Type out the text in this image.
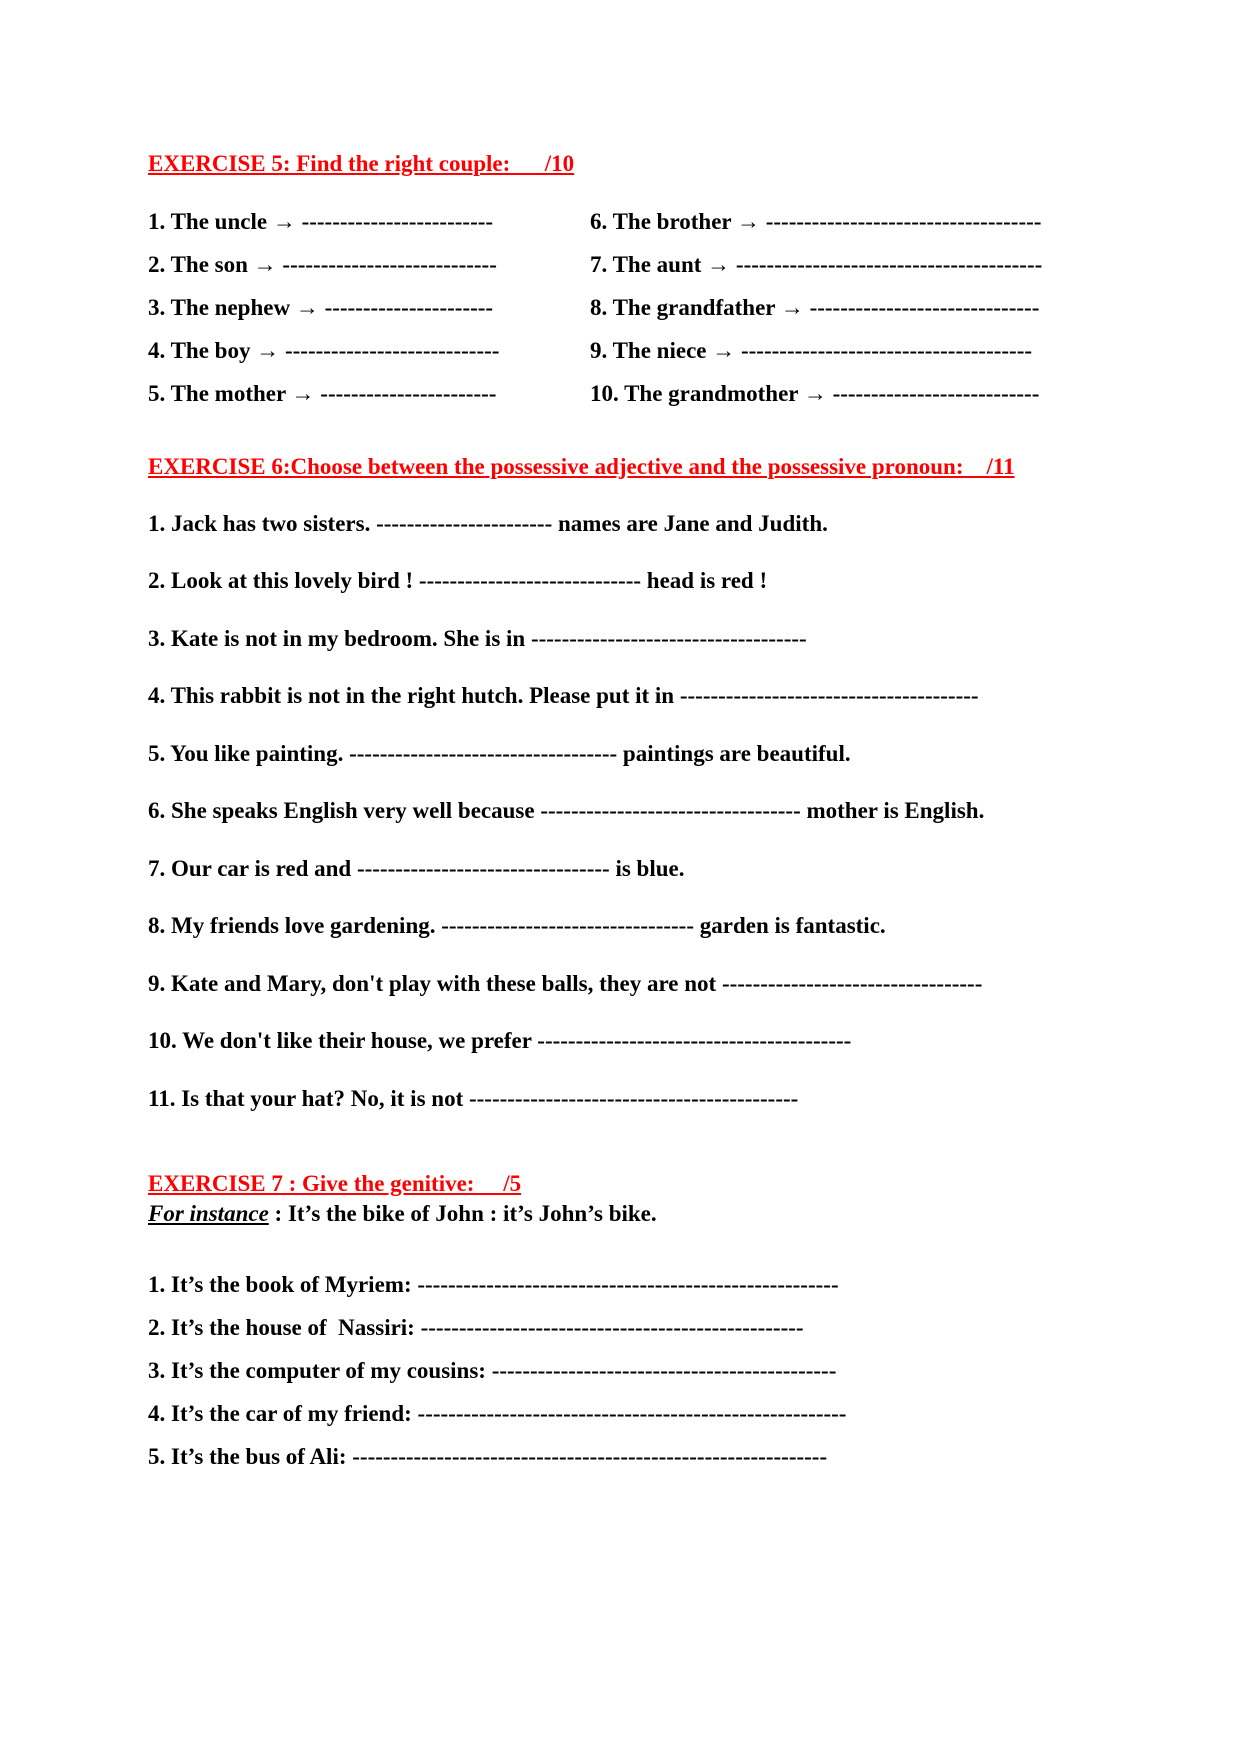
EXERCISE 5: Find the right couple:      /10
1. The uncle → -------------------------
2. The son → ----------------------------
3. The nephew → ----------------------
4. The boy → ----------------------------
5. The mother → -----------------------
6. The brother → ------------------------------------
7. The aunt → ----------------------------------------
8. The grandfather → ------------------------------
9. The niece → --------------------------------------
10. The grandmother → ---------------------------
EXERCISE 6:Choose between the possessive adjective and the possessive pronoun:    /11
1. Jack has two sisters. ----------------------- names are Jane and Judith.
2. Look at this lovely bird ! ----------------------------- head is red !
3. Kate is not in my bedroom. She is in ------------------------------------
4. This rabbit is not in the right hutch. Please put it in ---------------------------------------
5. You like painting. ----------------------------------- paintings are beautiful.
6. She speaks English very well because ---------------------------------- mother is English.
7. Our car is red and --------------------------------- is blue.
8. My friends love gardening. --------------------------------- garden is fantastic.
9. Kate and Mary, don't play with these balls, they are not ----------------------------------
10. We don't like their house, we prefer -----------------------------------------
11. Is that your hat? No, it is not -------------------------------------------
EXERCISE 7 : Give the genitive:     /5
For instance : It’s the bike of John : it’s John’s bike.
1. It’s the book of Myriem: -------------------------------------------------------
2. It’s the house of  Nassiri: --------------------------------------------------
3. It’s the computer of my cousins: ---------------------------------------------
4. It’s the car of my friend: --------------------------------------------------------
5. It’s the bus of Ali: --------------------------------------------------------------
